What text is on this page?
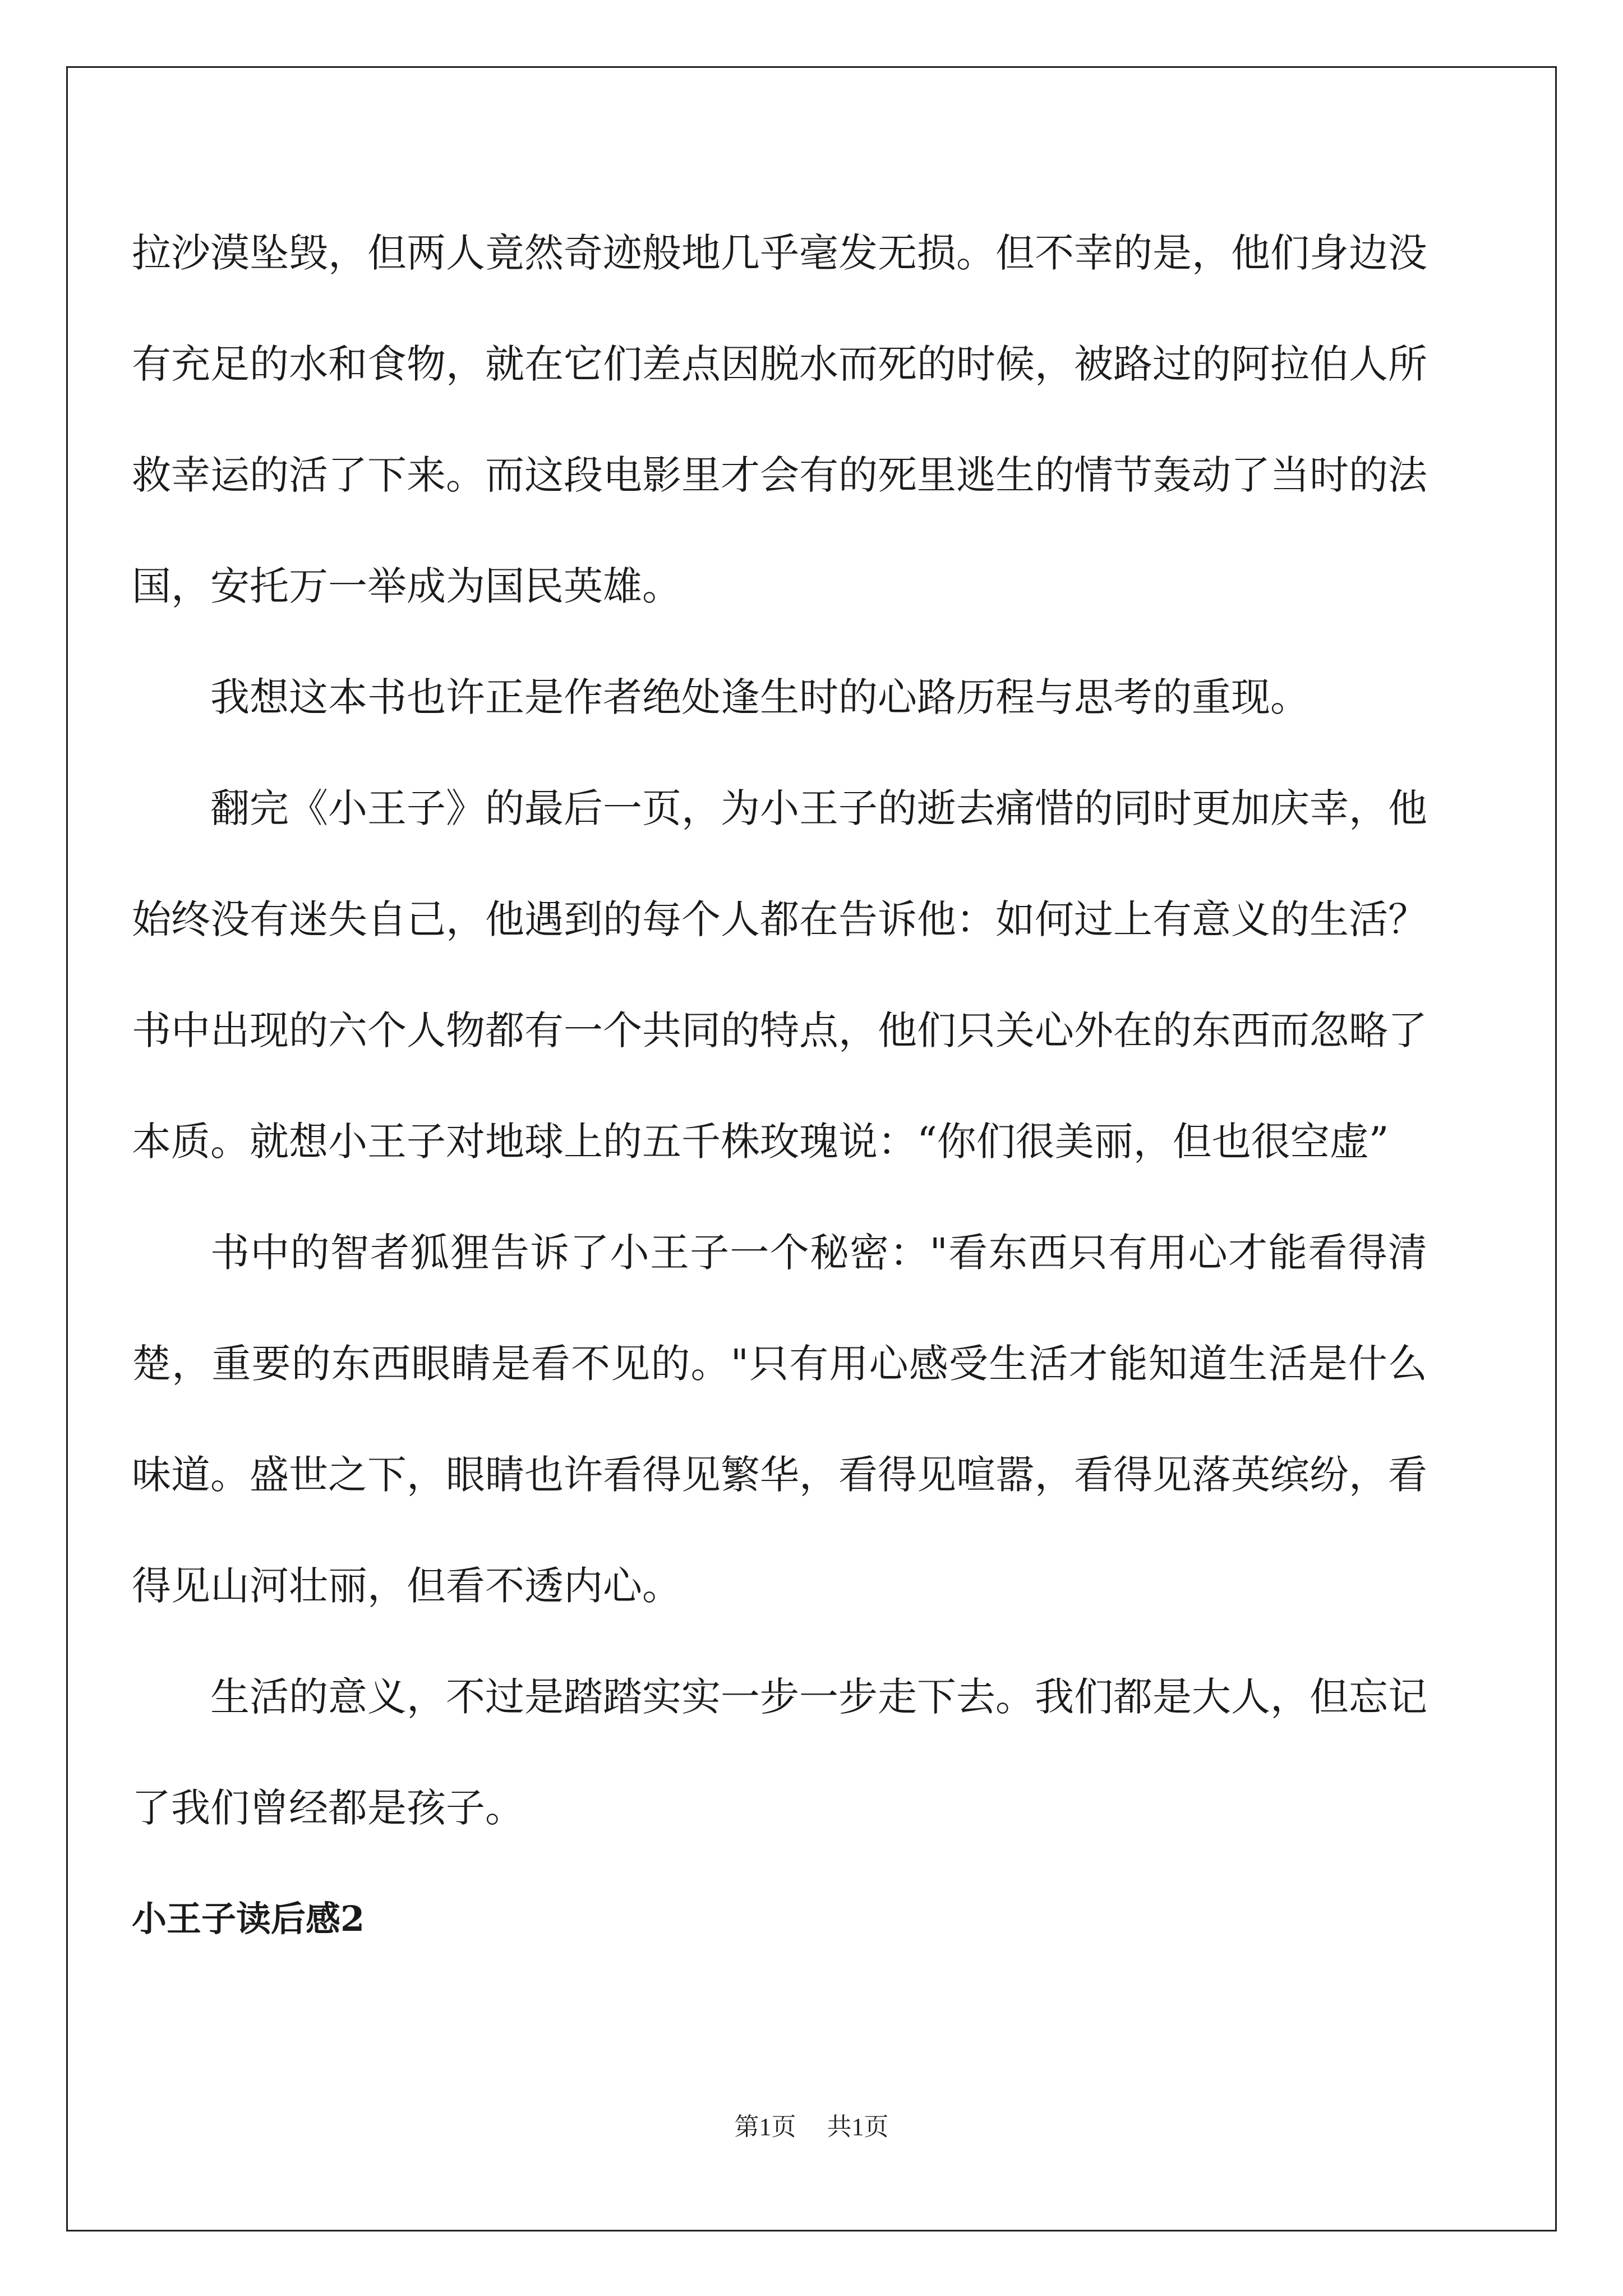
拉沙漠坠毁，但两人竟然奇迹般地几乎毫发无损。但不幸的是，他们身边没有充足的水和食物，就在它们差点因脱水而死的时候，被路过的阿拉伯人所救幸运的活了下来。而这段电影里才会有的死里逃生的情节轰动了当时的法国，安托万一举成为国民英雄。

我想这本书也许正是作者绝处逢生时的心路历程与思考的重现。

翻完《小王子》的最后一页，为小王子的逝去痛惜的同时更加庆幸，他始终没有迷失自己，他遇到的每个人都在告诉他：如何过上有意义的生活？书中出现的六个人物都有一个共同的特点，他们只关心外在的东西而忽略了本质。就想小王子对地球上的五千株玫瑰说：“你们很美丽，但也很空虚”

书中的智者狐狸告诉了小王子一个秘密："看东西只有用心才能看得清楚，重要的东西眼睛是看不见的。"只有用心感受生活才能知道生活是什么味道。盛世之下，眼睛也许看得见繁华，看得见喧嚣，看得见落英缤纷，看得见山河壮丽，但看不透内心。

生活的意义，不过是踏踏实实一步一步走下去。我们都是大人，但忘记了我们曾经都是孩子。

小王子读后感2
第1页 共1页
